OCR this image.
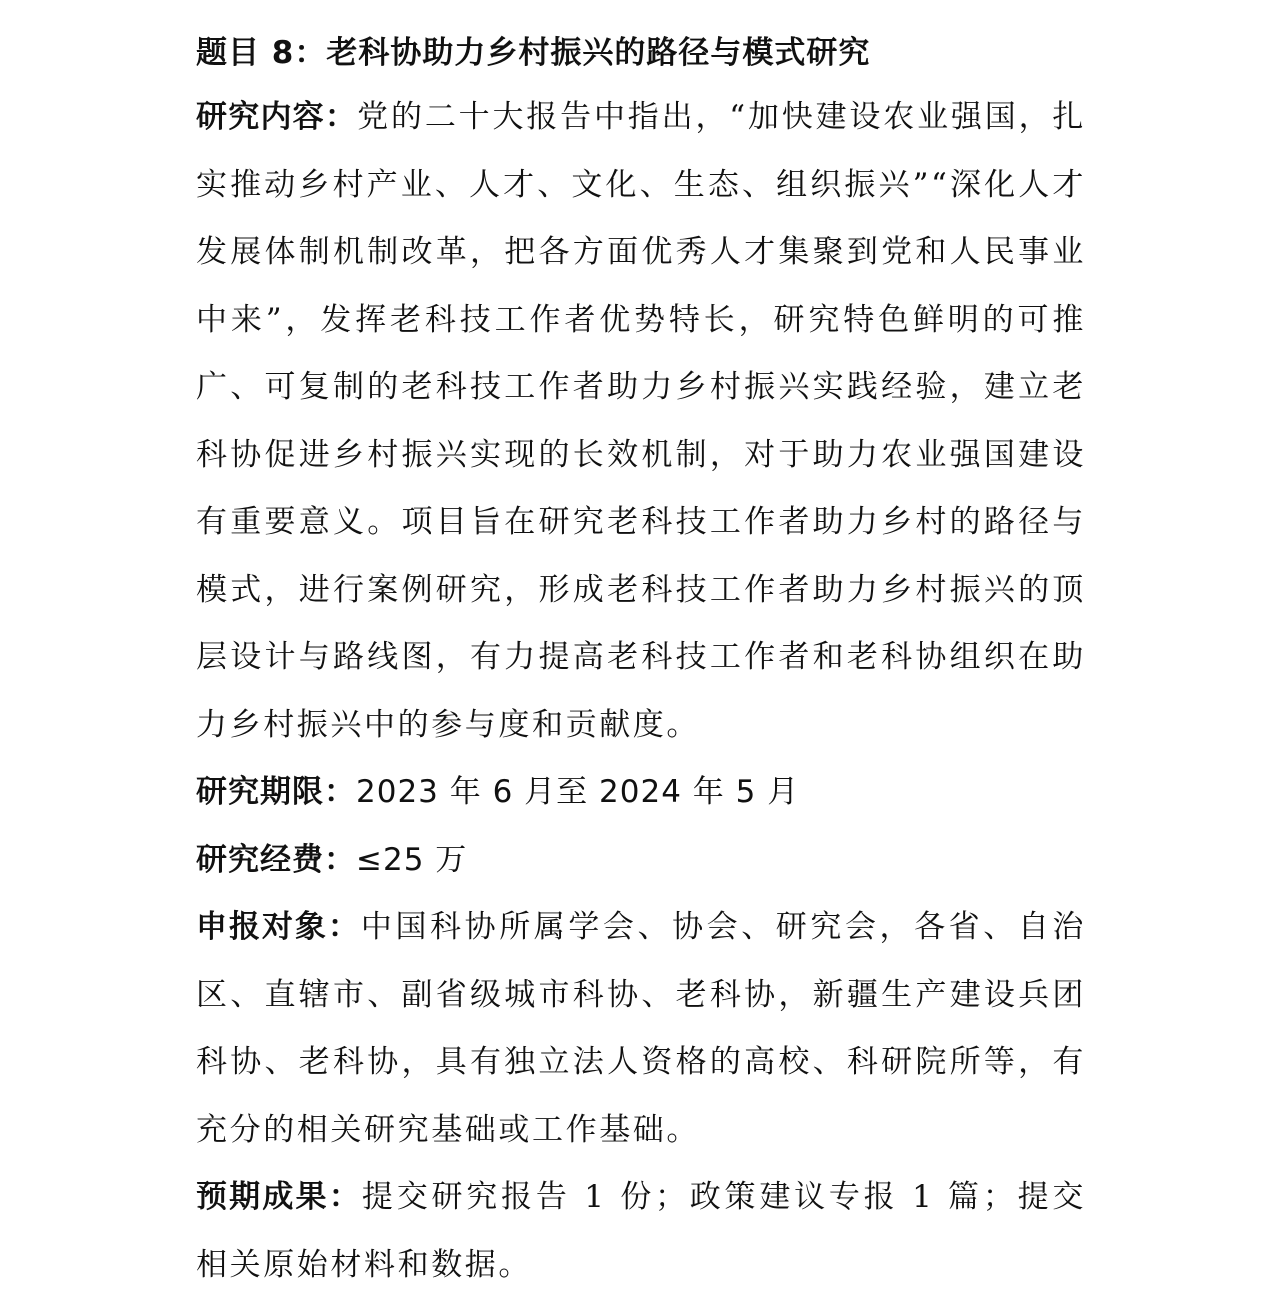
题目 8：老科协助力乡村振兴的路径与模式研究
研究内容：党的二十大报告中指出，“加快建设农业强国，扎实推动乡村产业、人才、文化、生态、组织振兴”“深化人才发展体制机制改革，把各方面优秀人才集聚到党和人民事业中来”，发挥老科技工作者优势特长，研究特色鲜明的可推广、可复制的老科技工作者助力乡村振兴实践经验，建立老科协促进乡村振兴实现的长效机制，对于助力农业强国建设有重要意义。项目旨在研究老科技工作者助力乡村的路径与模式，进行案例研究，形成老科技工作者助力乡村振兴的顶层设计与路线图，有力提高老科技工作者和老科协组织在助力乡村振兴中的参与度和贡献度。
研究期限：2023 年 6 月至 2024 年 5 月
研究经费：≤25 万
申报对象：中国科协所属学会、协会、研究会，各省、自治区、直辖市、副省级城市科协、老科协，新疆生产建设兵团科协、老科协，具有独立法人资格的高校、科研院所等，有充分的相关研究基础或工作基础。
预期成果：提交研究报告 1 份；政策建议专报 1 篇；提交相关原始材料和数据。
